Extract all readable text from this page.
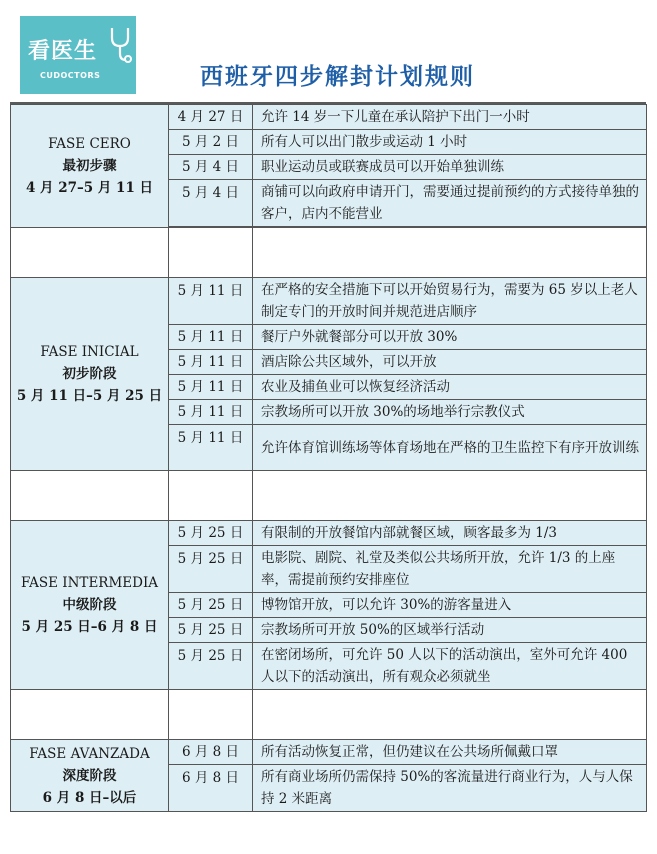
看医生
CUDOCTORS	西班牙四步解封计划规则
FASE CERO
最初步骤
4 月 27–5 月 11 日	4 月 27 日	允许 14 岁一下儿童在承认陪护下出门一小时
	5 月 2 日	所有人可以出门散步或运动 1 小时
	5 月 4 日	职业运动员或联赛成员可以开始单独训练
	5 月 4 日	商铺可以向政府申请开门，需要通过提前预约的方式接待单独的客户，店内不能营业

FASE INICIAL
初步阶段
5 月 11 日–5 月 25 日	5 月 11 日	在严格的安全措施下可以开始贸易行为，需要为 65 岁以上老人制定专门的开放时间并规范进店顺序
	5 月 11 日	餐厅户外就餐部分可以开放 30%
	5 月 11 日	酒店除公共区域外，可以开放
	5 月 11 日	农业及捕鱼业可以恢复经济活动
	5 月 11 日	宗教场所可以开放 30%的场地举行宗教仪式
	5 月 11 日	允许体育馆训练场等体育场地在严格的卫生监控下有序开放训练

FASE INTERMEDIA
中级阶段
5 月 25 日–6 月 8 日	5 月 25 日	有限制的开放餐馆内部就餐区域，顾客最多为 1/3
	5 月 25 日	电影院、剧院、礼堂及类似公共场所开放，允许 1/3 的上座率，需提前预约安排座位
	5 月 25 日	博物馆开放，可以允许 30%的游客量进入
	5 月 25 日	宗教场所可开放 50%的区域举行活动
	5 月 25 日	在密闭场所，可允许 50 人以下的活动演出，室外可允许 400 人以下的活动演出，所有观众必须就坐

FASE AVANZADA
深度阶段
6 月 8 日–以后	6 月 8 日	所有活动恢复正常，但仍建议在公共场所佩戴口罩
	6 月 8 日	所有商业场所仍需保持 50%的客流量进行商业行为，人与人保持 2 米距离
